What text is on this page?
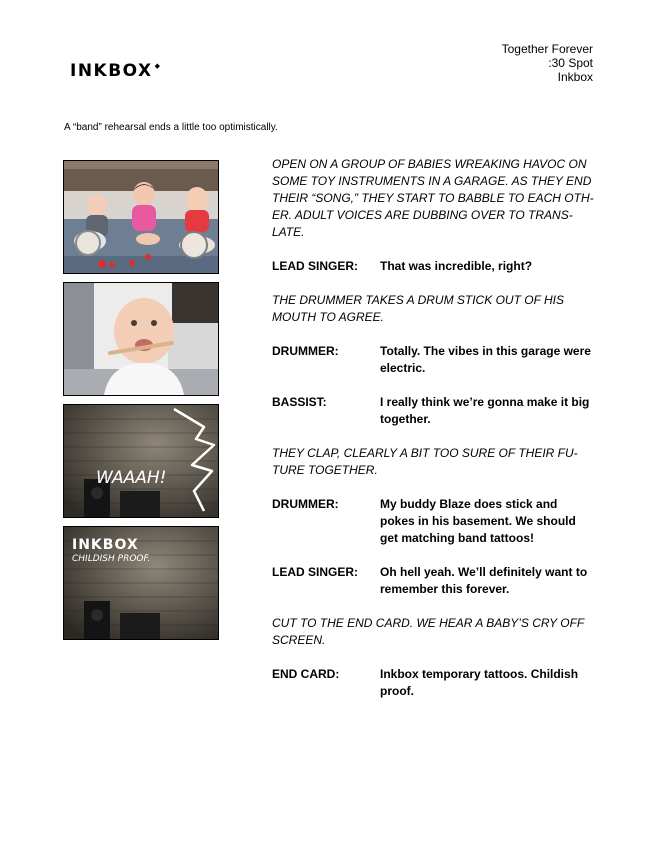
INKBOX ◆
Together Forever
:30 Spot
Inkbox
A “band” rehearsal ends a little too optimistically.
WAAAH!
INKBOX
CHILDISH PROOF.

OPEN ON A GROUP OF BABIES WREAKING HAVOC ON SOME TOY INSTRUMENTS IN A GARAGE. AS THEY END THEIR “SONG,” THEY START TO BABBLE TO EACH OTH-ER. ADULT VOICES ARE DUBBING OVER TO TRANS-LATE.

LEAD SINGER:	That was incredible, right?

THE DRUMMER TAKES A DRUM STICK OUT OF HIS MOUTH TO AGREE.

DRUMMER:	Totally. The vibes in this garage were electric.
BASSIST:	I really think we’re gonna make it big together.

THEY CLAP, CLEARLY A BIT TOO SURE OF THEIR FU-TURE TOGETHER.

DRUMMER:	My buddy Blaze does stick and pokes in his basement. We should get matching band tattoos!
LEAD SINGER:	Oh hell yeah. We’ll definitely want to remember this forever.

CUT TO THE END CARD. WE HEAR A BABY’S CRY OFF SCREEN.

END CARD:	Inkbox temporary tattoos. Childish proof.
